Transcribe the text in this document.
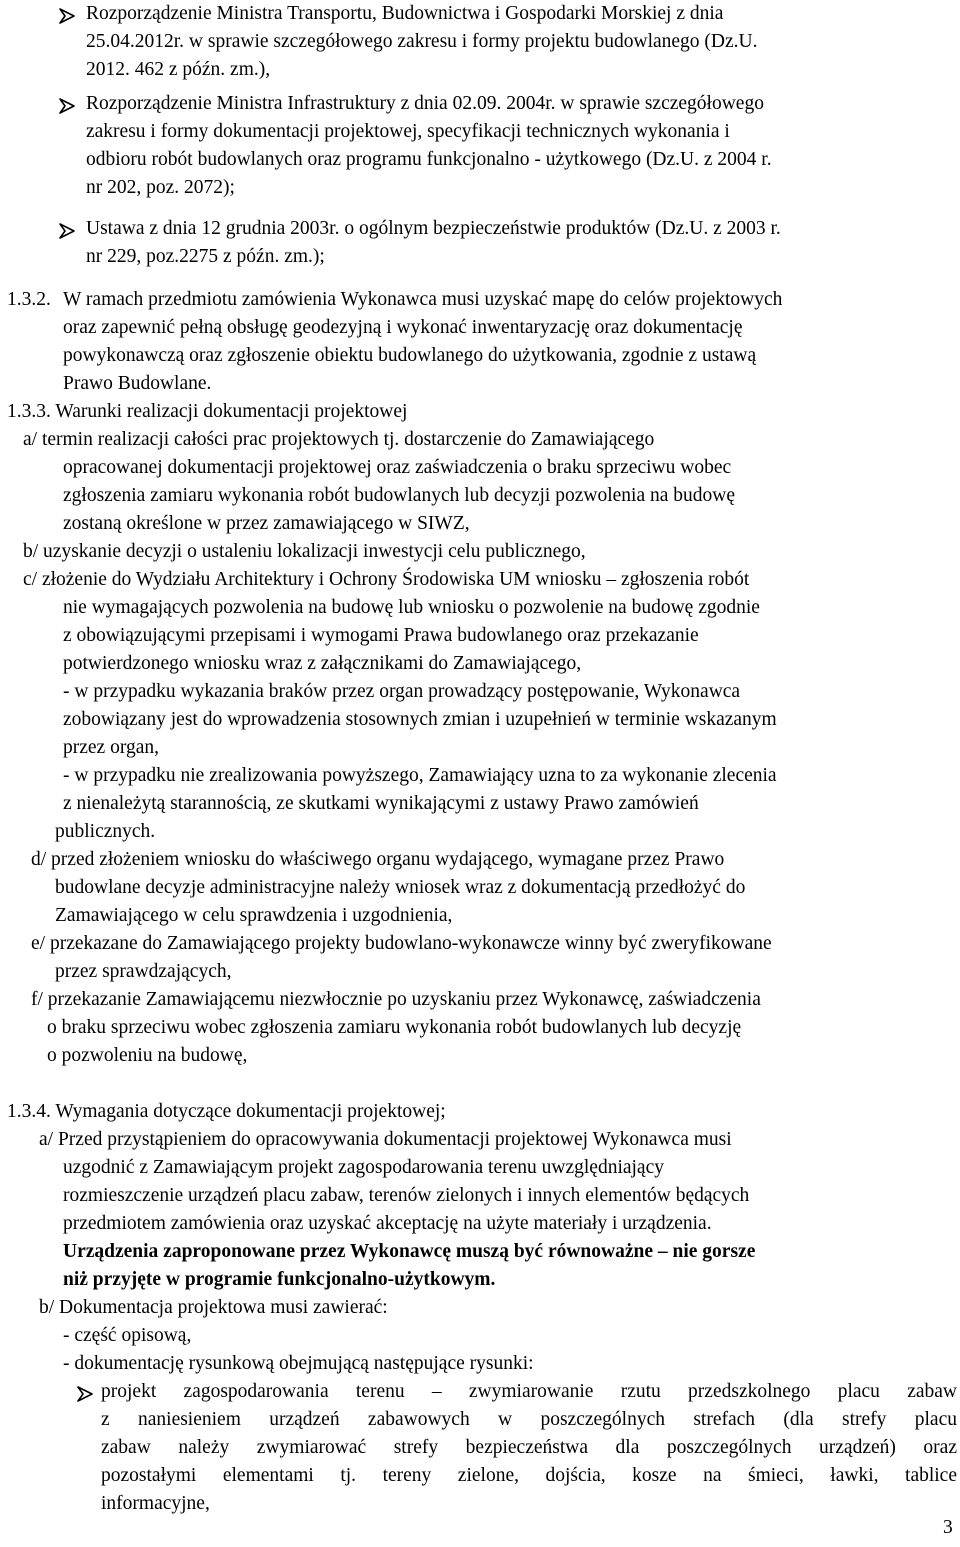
Rozporządzenie Ministra Transportu, Budownictwa i Gospodarki Morskiej z dnia
25.04.2012r. w sprawie szczegółowego zakresu i formy projektu budowlanego (Dz.U.
2012. 462 z późn. zm.),
Rozporządzenie Ministra Infrastruktury z dnia 02.09. 2004r. w sprawie szczegółowego
zakresu i formy dokumentacji projektowej, specyfikacji technicznych wykonania i
odbioru robót budowlanych oraz programu funkcjonalno - użytkowego (Dz.U. z 2004 r.
nr 202, poz. 2072);
Ustawa z dnia 12 grudnia 2003r. o ogólnym bezpieczeństwie produktów (Dz.U. z 2003 r.
nr 229, poz.2275 z późn. zm.);
1.3.2. W ramach przedmiotu zamówienia Wykonawca musi uzyskać mapę do celów projektowych
oraz zapewnić pełną obsługę geodezyjną i wykonać inwentaryzację oraz dokumentację
powykonawczą oraz zgłoszenie obiektu budowlanego do użytkowania, zgodnie z ustawą
Prawo Budowlane.
1.3.3. Warunki realizacji dokumentacji projektowej
a/ termin realizacji całości prac projektowych tj. dostarczenie do Zamawiającego
opracowanej dokumentacji projektowej oraz zaświadczenia o braku sprzeciwu wobec
zgłoszenia zamiaru wykonania robót budowlanych lub decyzji pozwolenia na budowę
zostaną określone w przez zamawiającego w SIWZ,
b/ uzyskanie decyzji o ustaleniu lokalizacji inwestycji celu publicznego,
c/ złożenie do Wydziału Architektury i Ochrony Środowiska UM wniosku – zgłoszenia robót
nie wymagających pozwolenia na budowę lub wniosku o pozwolenie na budowę zgodnie
z obowiązującymi przepisami i wymogami Prawa budowlanego oraz przekazanie
potwierdzonego wniosku wraz z załącznikami do Zamawiającego,
- w przypadku wykazania braków przez organ prowadzący postępowanie, Wykonawca
zobowiązany jest do wprowadzenia stosownych zmian i uzupełnień w terminie wskazanym
przez organ,
- w przypadku nie zrealizowania powyższego, Zamawiający uzna to za wykonanie zlecenia
z nienależytą starannością, ze skutkami wynikającymi z ustawy Prawo zamówień
publicznych.
d/ przed złożeniem wniosku do właściwego organu wydającego, wymagane przez Prawo
budowlane decyzje administracyjne należy wniosek wraz z dokumentacją przedłożyć do
Zamawiającego w celu sprawdzenia i uzgodnienia,
e/ przekazane do Zamawiającego projekty budowlano-wykonawcze winny być zweryfikowane
przez sprawdzających,
f/ przekazanie Zamawiającemu niezwłocznie po uzyskaniu przez Wykonawcę, zaświadczenia
o braku sprzeciwu wobec zgłoszenia zamiaru wykonania robót budowlanych lub decyzję
o pozwoleniu na budowę,
1.3.4. Wymagania dotyczące dokumentacji projektowej;
a/ Przed przystąpieniem do opracowywania dokumentacji projektowej Wykonawca musi
uzgodnić z Zamawiającym projekt zagospodarowania terenu uwzględniający
rozmieszczenie urządzeń placu zabaw, terenów zielonych i innych elementów będących
przedmiotem zamówienia oraz uzyskać akceptację na użyte materiały i urządzenia.
Urządzenia zaproponowane przez Wykonawcę muszą być równoważne – nie gorsze
niż przyjęte w programie funkcjonalno-użytkowym.
b/ Dokumentacja projektowa musi zawierać:
- część opisową,
- dokumentację rysunkową obejmującą następujące rysunki:
projekt zagospodarowania terenu – zwymiarowanie rzutu przedszkolnego placu zabaw
z naniesieniem urządzeń zabawowych w poszczególnych strefach (dla strefy placu
zabaw należy zwymiarować strefy bezpieczeństwa dla poszczególnych urządzeń) oraz
pozostałymi elementami tj. tereny zielone, dojścia, kosze na śmieci, ławki, tablice
informacyjne,
3
